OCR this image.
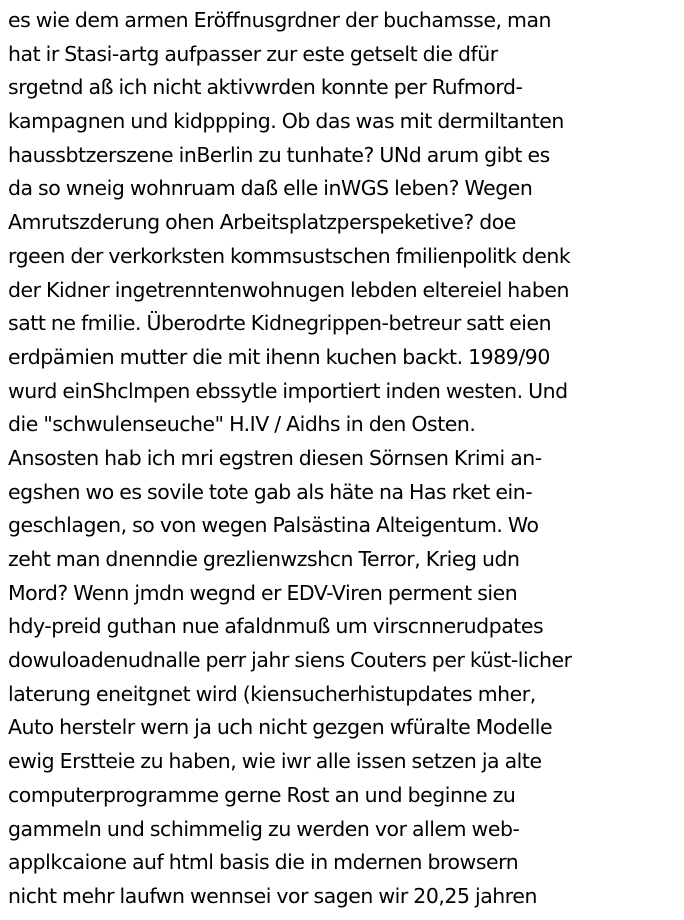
es wie dem armen Eröffnusgrdner der buchamsse, man
hat ir Stasi-artg aufpasser zur este getselt die dfür
srgetnd aß ich nicht aktivwrden konnte per Rufmord-
kampagnen und kidppping. Ob das was mit dermiltanten
haussbtzerszene inBerlin zu tunhate? UNd arum gibt es
da so wneig wohnruam daß elle inWGS leben? Wegen
Amrutszderung ohen Arbeitsplatzperspeketive? doe
rgeen der verkorksten kommsustschen fmilienpolitk denk
der Kidner ingetrenntenwohnugen lebden eltereiel haben
satt ne fmilie. Überodrte Kidnegrippen-betreur satt eien
erdpämien mutter die mit ihenn kuchen backt. 1989/90
wurd einShclmpen ebssytle importiert inden westen. Und
die "schwulenseuche" H.IV / Aidhs in den Osten.
Ansosten hab ich mri egstren diesen Sörnsen Krimi an-
egshen wo es sovile tote gab als häte na Has rket ein-
geschlagen, so von wegen Palsästina Alteigentum. Wo
zeht man dnenndie grezlienwzshcn Terror, Krieg udn
Mord? Wenn jmdn wegnd er EDV-Viren perment sien
hdy-preid guthan nue afaldnmuß um virscnnerudpates
dowuloadenudnalle perr jahr siens Couters per küst-licher
laterung eneitgnet wird (kiensucherhistupdates mher,
Auto herstelr wern ja uch nicht gezgen wfüralte Modelle
ewig Erstteie zu haben, wie iwr alle issen setzen ja alte
computerprogramme gerne Rost an und beginne zu
gammeln und schimmelig zu werden vor allem web-
applkcaione auf html basis die in mdernen browsern
nicht mehr laufwn wennsei vor sagen wir 20,25 jahren
